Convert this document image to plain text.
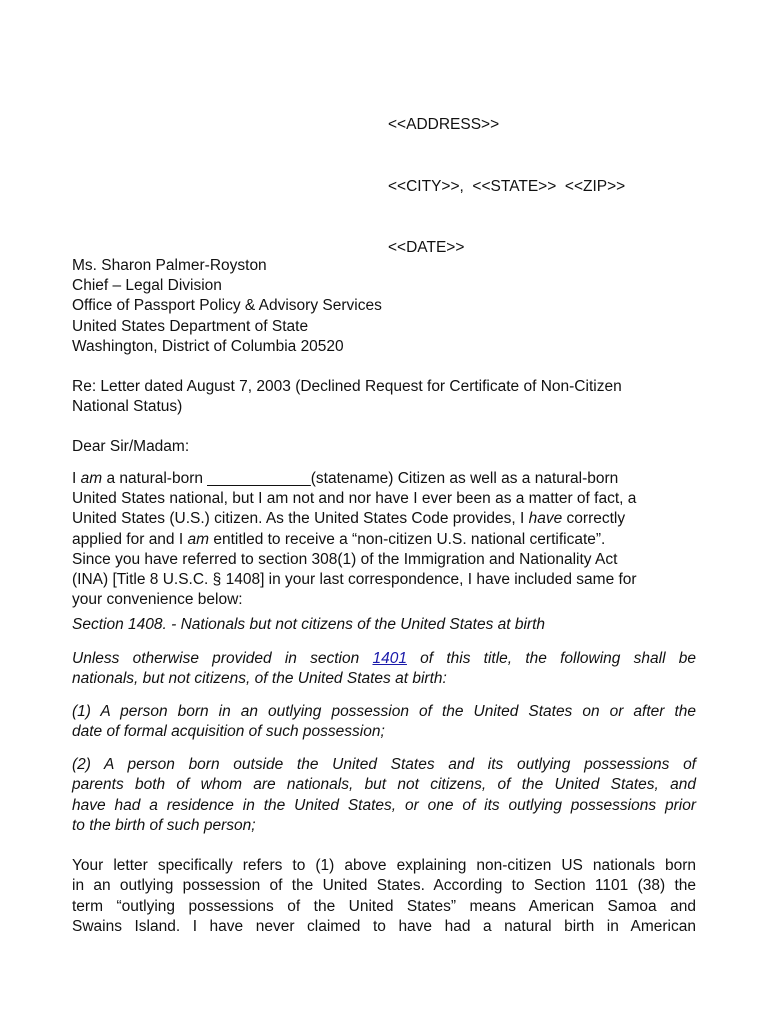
<<ADDRESS>>

<<CITY>>,  <<STATE>>  <<ZIP>>

<<DATE>>

Ms. Sharon Palmer-Royston
Chief – Legal Division
Office of Passport Policy & Advisory Services
United States Department of State
Washington, District of Columbia 20520
Re: Letter dated August 7, 2003 (Declined Request for Certificate of Non-Citizen
National Status)
Dear Sir/Madam:
I am a natural-born ____________(statename) Citizen as well as a natural-born
United States national, but I am not and nor have I ever been as a matter of fact, a
United States (U.S.) citizen. As the United States Code provides, I have correctly
applied for and I am entitled to receive a “non-citizen U.S. national certificate”.
Since you have referred to section 308(1) of the Immigration and Nationality Act
(INA) [Title 8 U.S.C. § 1408] in your last correspondence, I have included same for
your convenience below:
Section 1408. - Nationals but not citizens of the United States at birth
Unless otherwise provided in section 1401 of this title, the following shall be
nationals, but not citizens, of the United States at birth:
(1) A person born in an outlying possession of the United States on or after the
date of formal acquisition of such possession;
(2) A person born outside the United States and its outlying possessions of
parents both of whom are nationals, but not citizens, of the United States, and
have had a residence in the United States, or one of its outlying possessions prior
to the birth of such person;
Your letter specifically refers to (1) above explaining non-citizen US nationals born
in an outlying possession of the United States. According to Section 1101 (38) the
term “outlying possessions of the United States” means American Samoa and
Swains Island. I have never claimed to have had a natural birth in American
